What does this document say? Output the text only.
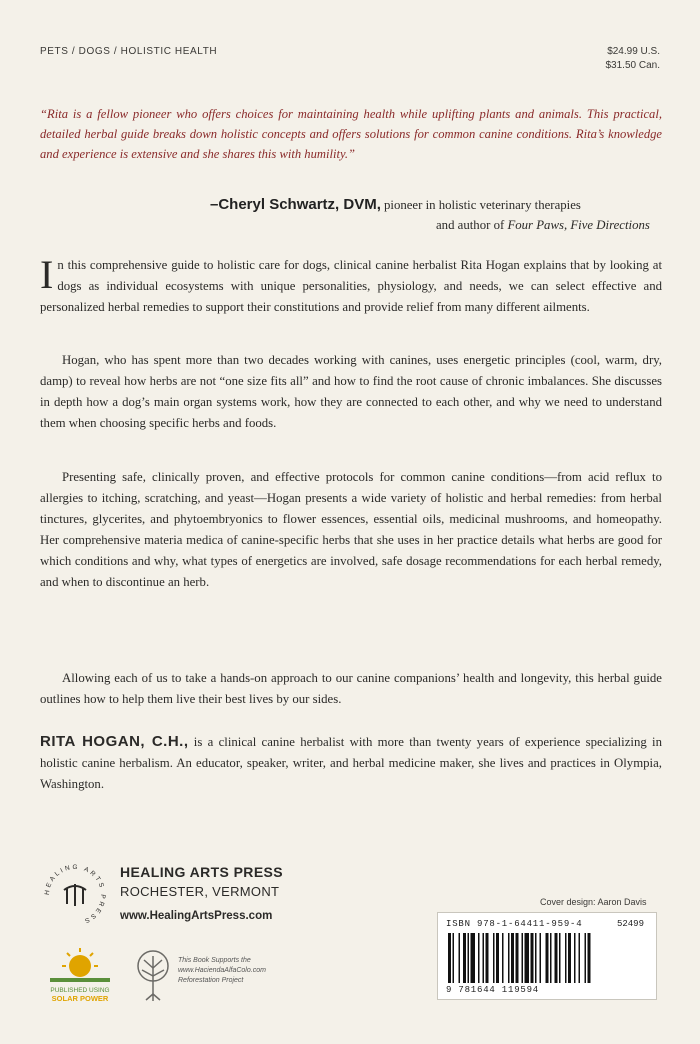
PETS / DOGS / HOLISTIC HEALTH	$24.99 U.S.
$31.50 Can.

“Rita is a fellow pioneer who offers choices for maintaining health while uplifting plants and animals. This practical, detailed herbal guide breaks down holistic concepts and offers solutions for common canine conditions. Rita’s knowledge and experience is extensive and she shares this with humility.”

–Cheryl Schwartz, DVM, pioneer in holistic veterinary therapies
and author of Four Paws, Five Directions

In this comprehensive guide to holistic care for dogs, clinical canine herbalist Rita Hogan explains that by looking at dogs as individual ecosystems with unique personalities, physiology, and needs, we can select effective and personalized herbal remedies to support their constitutions and provide relief from many different ailments.

Hogan, who has spent more than two decades working with canines, uses energetic principles (cool, warm, dry, damp) to reveal how herbs are not “one size fits all” and how to find the root cause of chronic imbalances. She discusses in depth how a dog’s main organ systems work, how they are connected to each other, and why we need to understand them when choosing specific herbs and foods.

Presenting safe, clinically proven, and effective protocols for common canine conditions—from acid reflux to allergies to itching, scratching, and yeast—Hogan presents a wide variety of holistic and herbal remedies: from herbal tinctures, glycerites, and phytoembryonics to flower essences, essential oils, medicinal mushrooms, and homeopathy. Her comprehensive materia medica of canine-specific herbs that she uses in her practice details what herbs are good for which conditions and why, what types of energetics are involved, safe dosage recommendations for each herbal remedy, and when to discontinue an herb.

Allowing each of us to take a hands-on approach to our canine companions’ health and longevity, this herbal guide outlines how to help them live their best lives by our sides.

RITA HOGAN, C.H., is a clinical canine herbalist with more than twenty years of experience specializing in holistic canine herbalism. An educator, speaker, writer, and herbal medicine maker, she lives and practices in Olympia, Washington.

HEALING ARTS PRESS
HEALING ARTS PRESS
ROCHESTER, VERMONT
www.HealingArtsPress.com
Cover design: Aaron Davis
ISBN 978-1-64411-959-4	52499
9 781644 119594
PUBLISHED USING
SOLAR POWER
This Book Supports the
www.HaciendaAlfaColo.com
Reforestation Project
